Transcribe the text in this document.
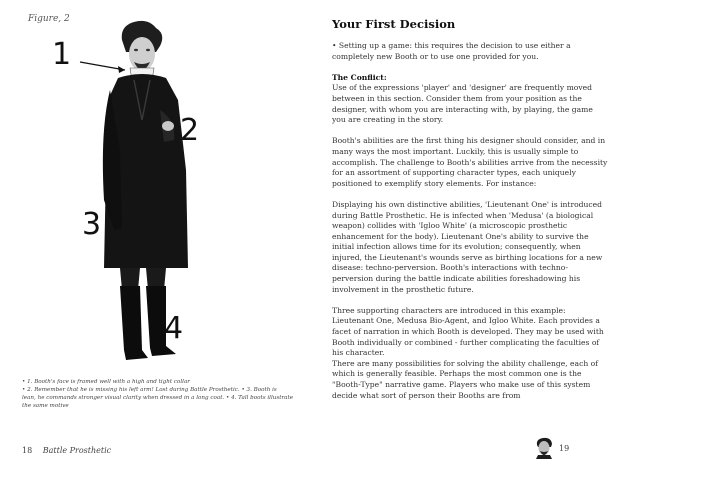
Figure, 2
1
2
3
4
• 1. Booth's face is framed well with a high and tight collar
• 2. Remember that he is missing his left arm! Lost during Battle Prosthetic. • 3. Booth is
lean, he commands stronger visual clarity when dressed in a long coat. • 4. Tall boots illustrate
the same motive
18 Battle Prosthetic
Your First Decision

• Setting up a game: this requires the decision to use either a completely new Booth or to use one provided for you.

The Conflict:
Use of the expressions 'player' and 'designer' are frequently moved between in this section. Consider them from your position as the designer, with whom you are interacting with, by playing, the game you are creating in the story.

Booth's abilities are the first thing his designer should consider, and in many ways the most important. Luckily, this is usually simple to accomplish. The challenge to Booth's abilities arrive from the necessity for an assortment of supporting character types, each uniquely positioned to exemplify story elements. For instance:

Displaying his own distinctive abilities, 'Lieutenant One' is introduced during Battle Prosthetic. He is infected when 'Medusa' (a biological weapon) collides with 'Igloo White' (a microscopic prosthetic enhancement for the body). Lieutenant One's ability to survive the initial infection allows time for its evolution; consequently, when injured, the Lieutenant's wounds serve as birthing locations for a new disease: techno-perversion. Booth's interactions with techno-perversion during the battle indicate abilities foreshadowing his involvement in the prosthetic future.

Three supporting characters are introduced in this example: Lieutenant One, Medusa Bio-Agent, and Igloo White. Each provides a facet of narration in which Booth is developed. They may be used with Booth individually or combined - further complicating the faculties of his character.

There are many possibilities for solving the ability challenge, each of which is generally feasible. Perhaps the most common one is the "Booth-Type" narrative game. Players who make use of this system decide what sort of person their Booths are from

19
